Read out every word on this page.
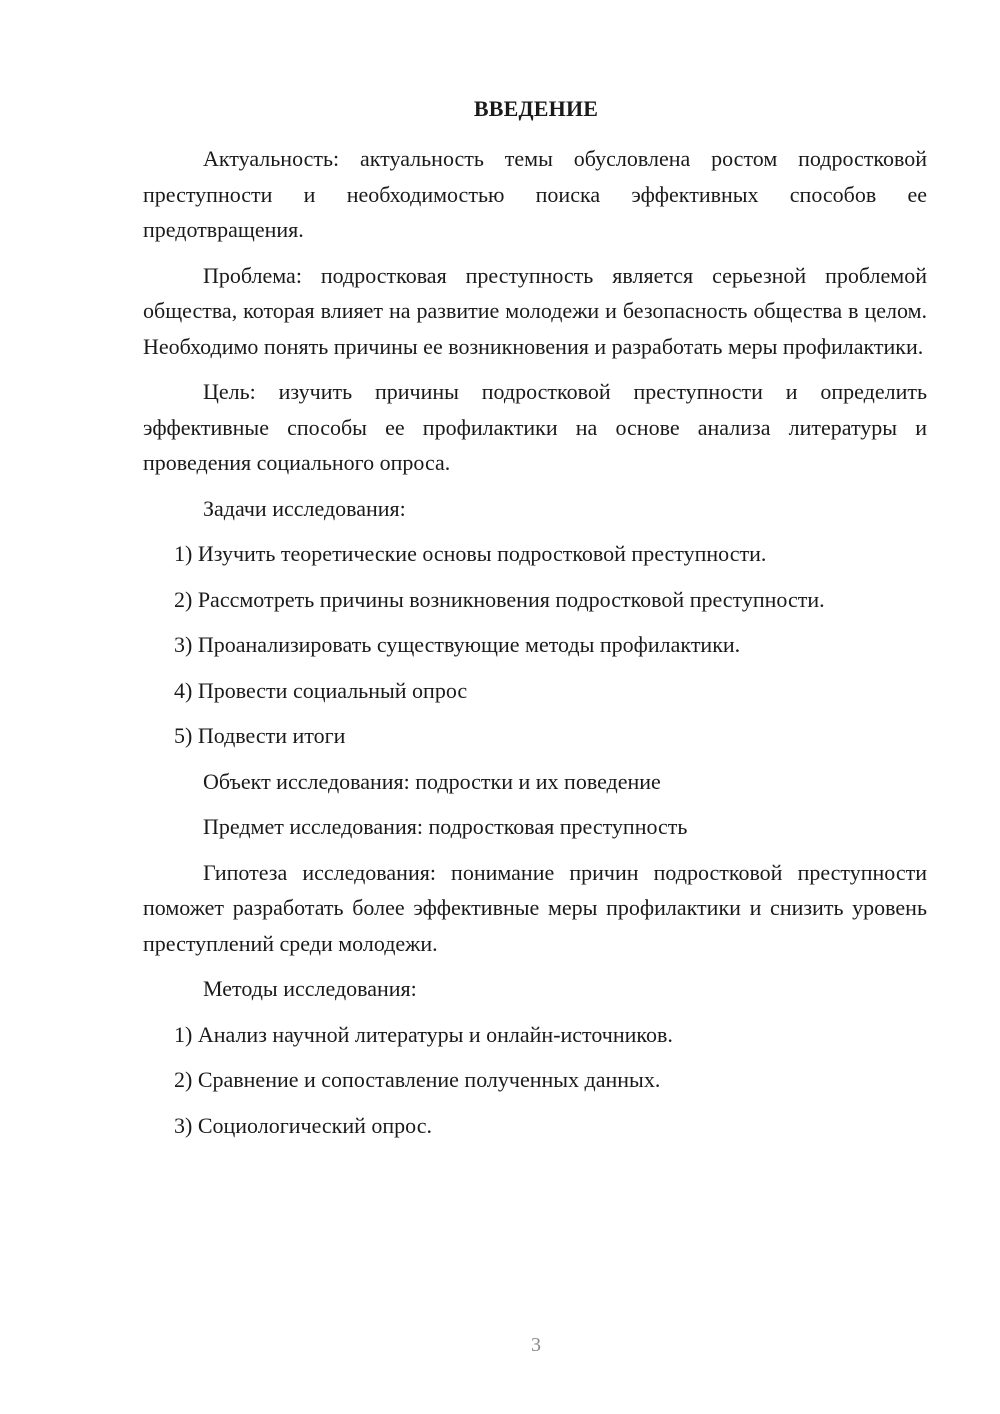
ВВЕДЕНИЕ

Актуальность: актуальность темы обусловлена ростом подростковой преступности и необходимостью поиска эффективных способов ее предотвращения.

Проблема: подростковая преступность является серьезной проблемой общества, которая влияет на развитие молодежи и безопасность общества в целом. Необходимо понять причины ее возникновения и разработать меры профилактики.

Цель: изучить причины подростковой преступности и определить эффективные способы ее профилактики на основе анализа литературы и проведения социального опроса.

Задачи исследования:

1) Изучить теоретические основы подростковой преступности.

2) Рассмотреть причины возникновения подростковой преступности.

3) Проанализировать существующие методы профилактики.

4) Провести социальный опрос

5) Подвести итоги

Объект исследования: подростки и их поведение

Предмет исследования: подростковая преступность

Гипотеза исследования: понимание причин подростковой преступности поможет разработать более эффективные меры профилактики и снизить уровень преступлений среди молодежи.

Методы исследования:

1) Анализ научной литературы и онлайн-источников.

2) Сравнение и сопоставление полученных данных.

3) Социологический опрос.

3
